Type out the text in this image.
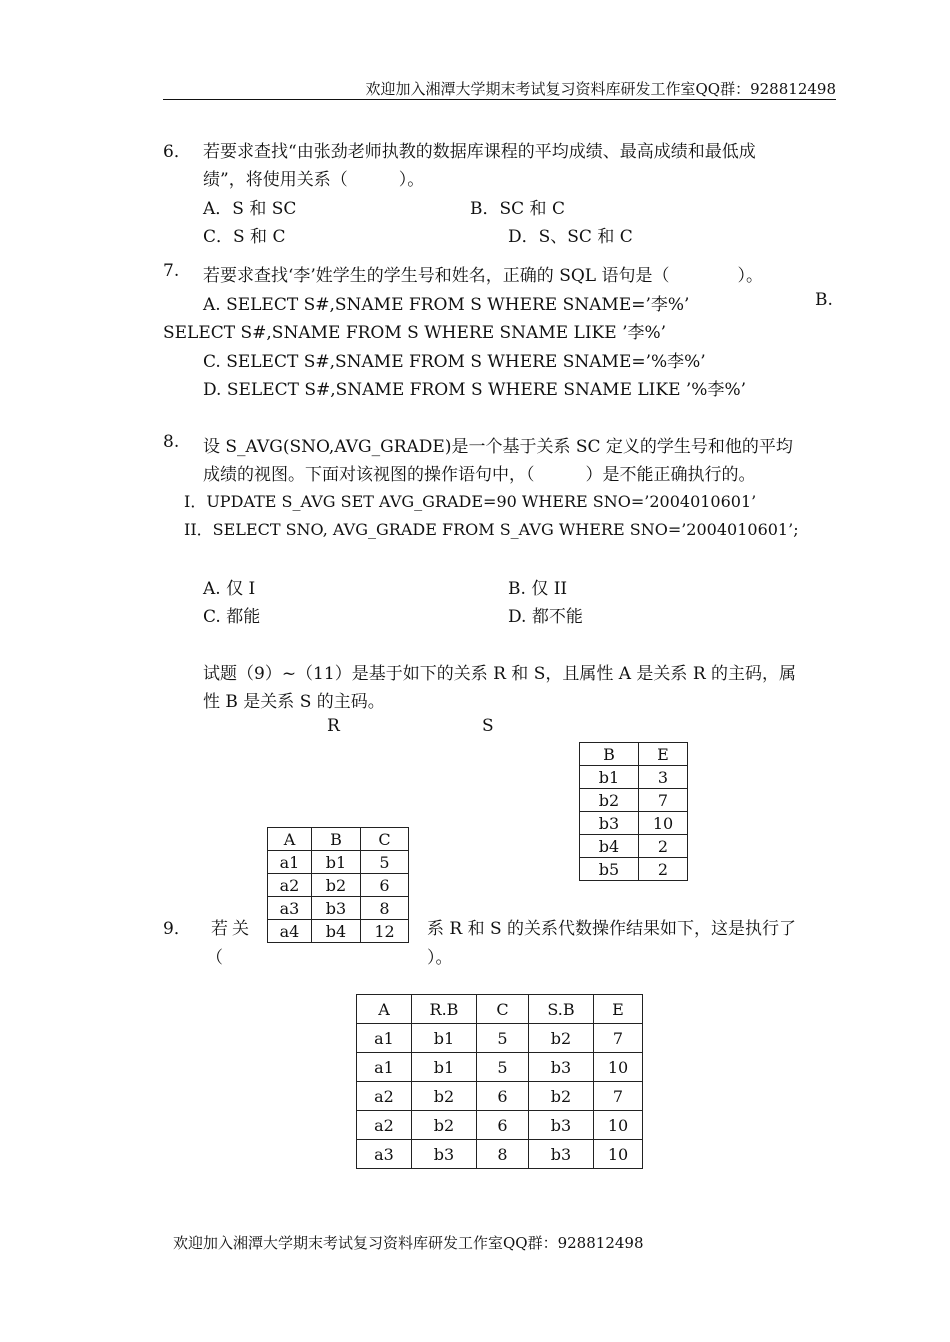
欢迎加入湘潭大学期末考试复习资料库研发工作室QQ群：928812498
6． 若要求查找“由张劲老师执教的数据库课程的平均成绩、最高成绩和最低成
绩”，将使用关系（　　　）。
A．S 和 SC	B．SC 和 C
C．S 和 C	D．S、SC 和 C
7.	若要求查找‘李’姓学生的学生号和姓名，正确的 SQL 语句是（　　　　）。
A. SELECT S#,SNAME FROM S WHERE SNAME=’李%’	B.
SELECT S#,SNAME FROM S WHERE SNAME LIKE ’李%’
C. SELECT S#,SNAME FROM S WHERE SNAME=’%李%’
D. SELECT S#,SNAME FROM S WHERE SNAME LIKE ’%李%’
8.	设 S_AVG(SNO,AVG_GRADE)是一个基于关系 SC 定义的学生号和他的平均
成绩的视图。下面对该视图的操作语句中，（　　　）是不能正确执行的。
I．UPDATE S_AVG SET AVG_GRADE=90 WHERE SNO=’2004010601’
II．SELECT SNO, AVG_GRADE FROM S_AVG WHERE SNO=’2004010601’;
A. 仅 I	B. 仅 II
C. 都能	D. 都不能
试题（9）~（11）是基于如下的关系 R 和 S，且属性 A 是关系 R 的主码，属
性 B 是关系 S 的主码。
R	S
B	E
b1	3
b2	7
b3	10
b4	2
b5	2
A	B	C
a1	b1	5
a2	b2	6
a3	b3	8
a4	b4	12
9． 若关
（
系 R 和 S 的关系代数操作结果如下，这是执行了
）。
A	R.B	C	S.B	E
a1	b1	5	b2	7
a1	b1	5	b3	10
a2	b2	6	b2	7
a2	b2	6	b3	10
a3	b3	8	b3	10
欢迎加入湘潭大学期末考试复习资料库研发工作室QQ群：928812498
